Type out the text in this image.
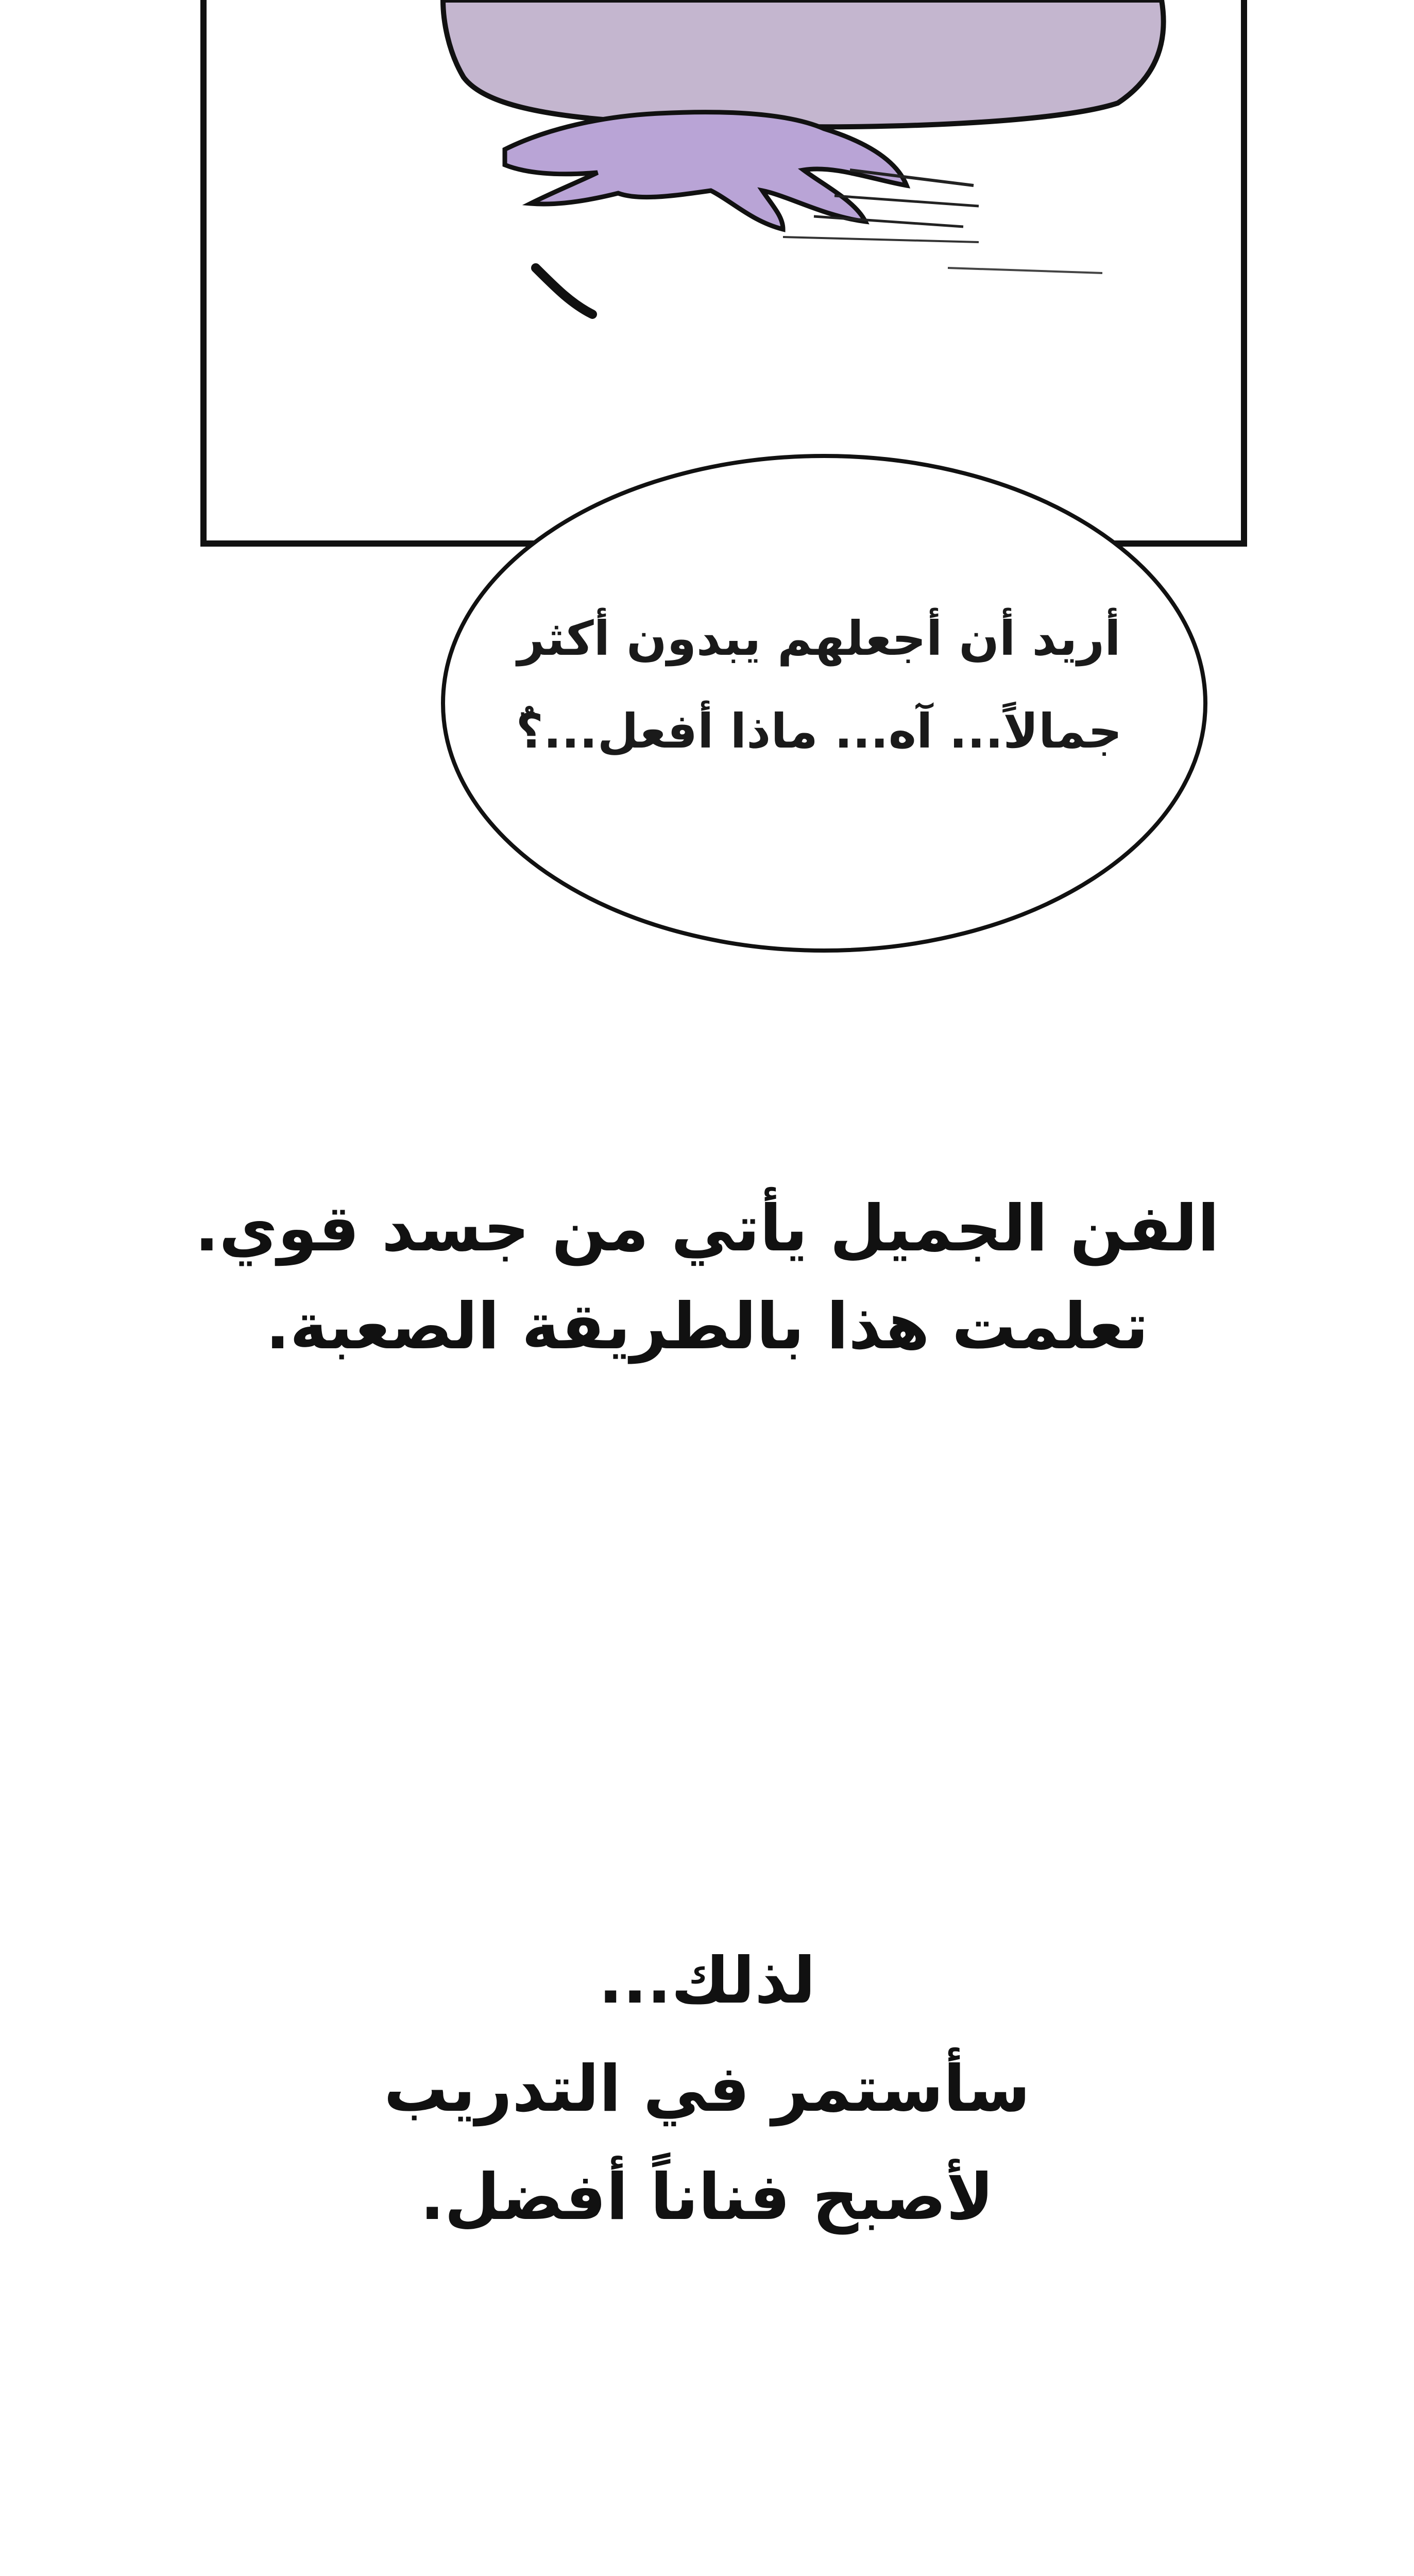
أريد أن أجعلهم يبدون أكثر
جمالاً... آه... ماذا أفعل...؟ٌ
الفن الجميل يأتي من جسد قوي.
تعلمت هذا بالطريقة الصعبة.
لذلك...
سأستمر في التدريب
لأصبح فناناً أفضل.
